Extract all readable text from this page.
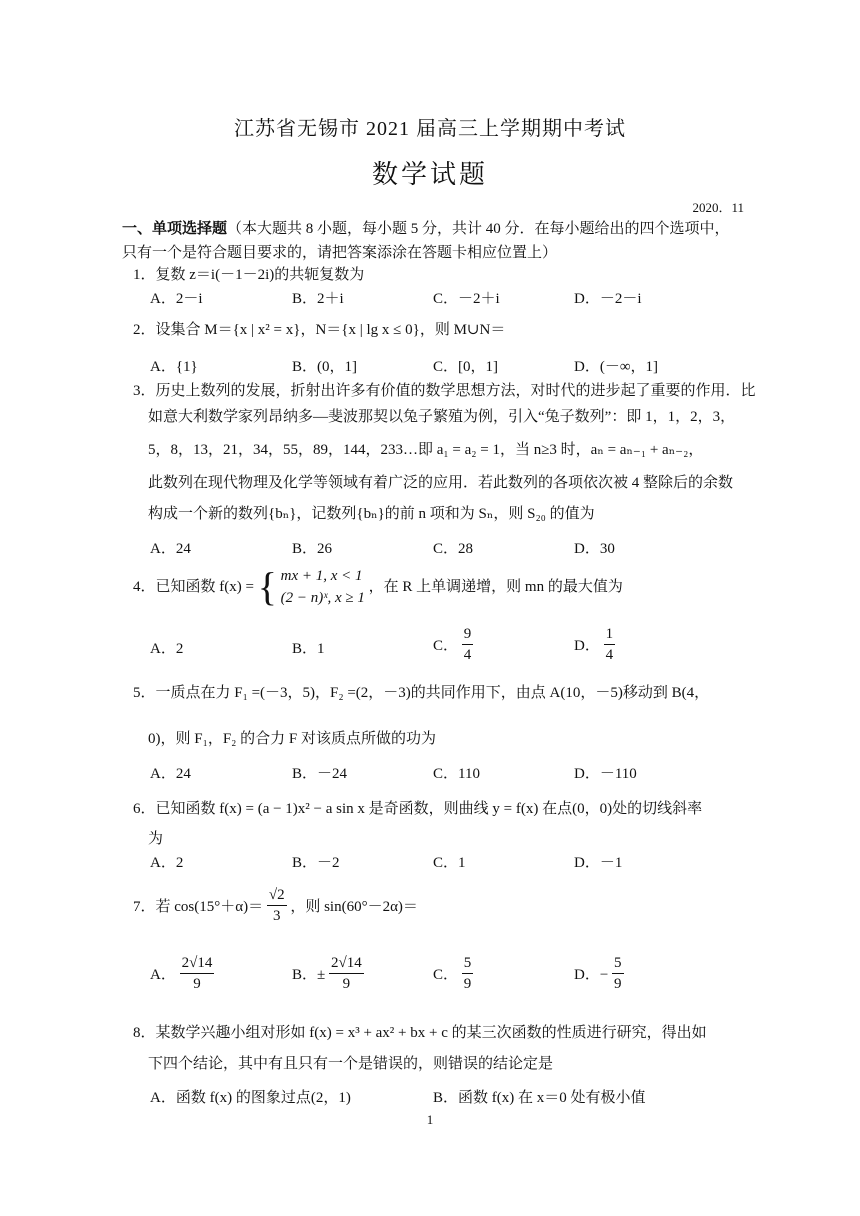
江苏省无锡市 2021 届高三上学期期中考试
数学试题
2020．11
一、单项选择题（本大题共 8 小题，每小题 5 分，共计 40 分．在每小题给出的四个选项中，只有一个是符合题目要求的，请把答案添涂在答题卡相应位置上）
1．复数 z＝i(－1－2i)的共轭复数为
A．2－i	B．2＋i	C．－2＋i	D．－2－i
2．设集合 M＝{x | x² = x}，N＝{x | lg x ≤ 0}，则 M∪N＝
A．{1}	B．(0，1]	C．[0，1]	D．(－∞，1]
3．历史上数列的发展，折射出许多有价值的数学思想方法，对时代的进步起了重要的作用．比
如意大利数学家列昂纳多—斐波那契以兔子繁殖为例，引入“兔子数列”：即 1，1，2，3，
5，8，13，21，34，55，89，144，233…即 a₁ = a₂ = 1，当 n≥3 时，aₙ = aₙ₋₁ + aₙ₋₂，
此数列在现代物理及化学等领域有着广泛的应用．若此数列的各项依次被 4 整除后的余数
构成一个新的数列{bₙ}，记数列{bₙ}的前 n 项和为 Sₙ，则 S₂₀ 的值为
A．24	B．26	C．28	D．30
4．已知函数 f(x) = { mx + 1, x < 1
(2 − n)ˣ, x ≥ 1
，在 R 上单调递增，则 mn 的最大值为
A．2	B．1	C． $\frac{9}{4}$	D． $\frac{1}{4}$
5．一质点在力 F₁ =(－3，5)，F₂ =(2，－3)的共同作用下，由点 A(10，－5)移动到 B(4，
0)，则 F₁，F₂ 的合力 F 对该质点所做的功为
A．24	B．－24	C．110	D．－110
6．已知函数 f(x) = (a − 1)x² − a sin x 是奇函数，则曲线 y = f(x) 在点(0，0)处的切线斜率
为
A．2	B．－2	C．1	D．－1
7．若 $\cos(15^\circ+\alpha)= \frac{√2}{3}$ ，则 sin(60°－2α)＝
A． $\frac{2√14}{9}$	B．± $\frac{2√14}{9}$	C． $\frac{5}{9}$	D．− $\frac{5}{9}$
8．某数学兴趣小组对形如 f(x) = x³ + ax² + bx + c 的某三次函数的性质进行研究，得出如
下四个结论，其中有且只有一个是错误的，则错误的结论定是
A．函数 f(x) 的图象过点(2，1)	B．函数 f(x) 在 x＝0 处有极小值
1
